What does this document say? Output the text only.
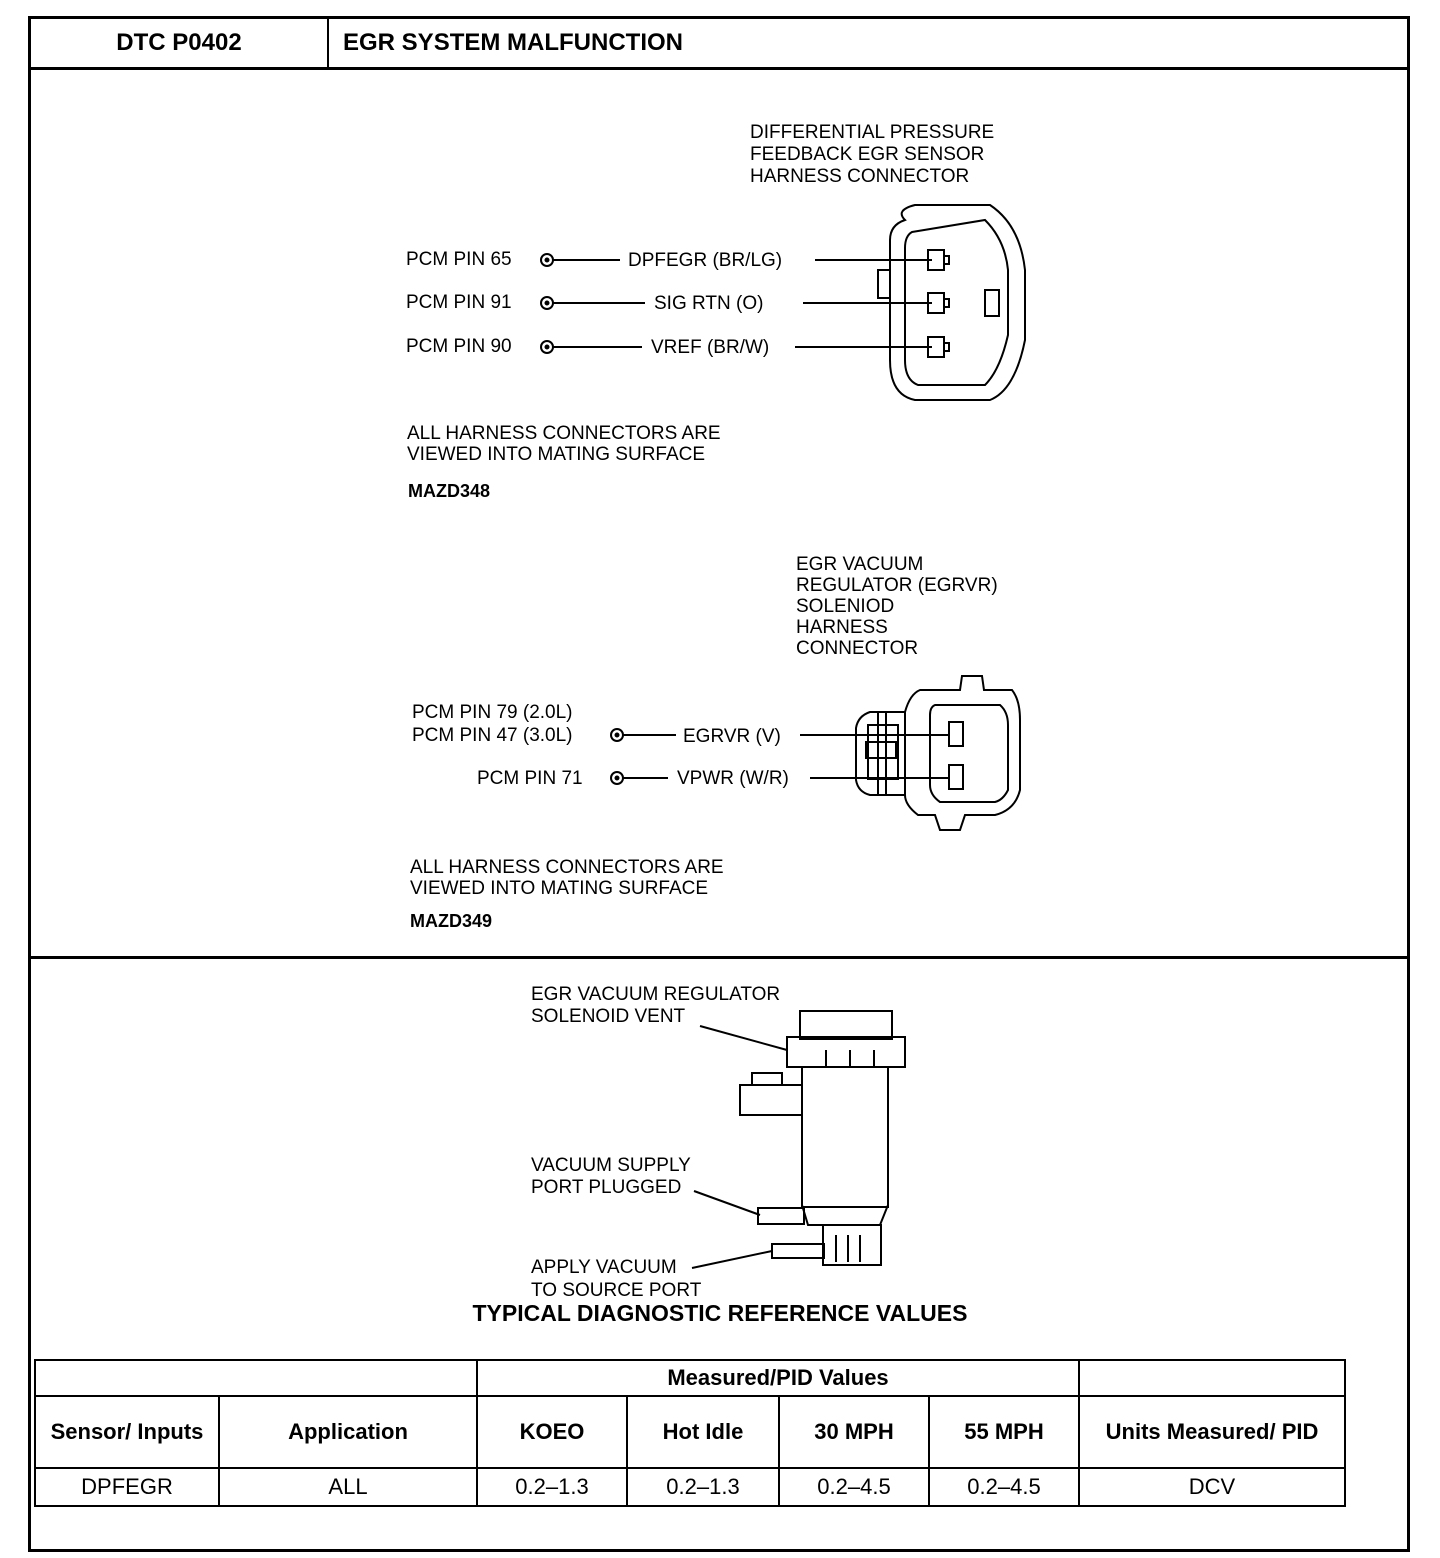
DTC P0402	EGR SYSTEM MALFUNCTION
DIFFERENTIAL PRESSURE
FEEDBACK EGR SENSOR
HARNESS CONNECTOR
PCM PIN 65	DPFEGR (BR/LG)
PCM PIN 91	SIG RTN (O)
PCM PIN 90	VREF (BR/W)
ALL HARNESS CONNECTORS ARE
VIEWED INTO MATING SURFACE
MAZD348
EGR VACUUM
REGULATOR (EGRVR)
SOLENIOD
HARNESS
CONNECTOR
PCM PIN 79 (2.0L)
PCM PIN 47 (3.0L)	EGRVR (V)
PCM PIN 71	VPWR (W/R)
ALL HARNESS CONNECTORS ARE
VIEWED INTO MATING SURFACE
MAZD349
EGR VACUUM REGULATOR
SOLENOID VENT
VACUUM SUPPLY
PORT PLUGGED
APPLY VACUUM
TO SOURCE PORT
TYPICAL DIAGNOSTIC REFERENCE VALUES
		Measured/PID Values				
Sensor/ Inputs	Application	KOEO	Hot Idle	30 MPH	55 MPH	Units Measured/ PID
DPFEGR	ALL	0.2–1.3	0.2–1.3	0.2–4.5	0.2–4.5	DCV
